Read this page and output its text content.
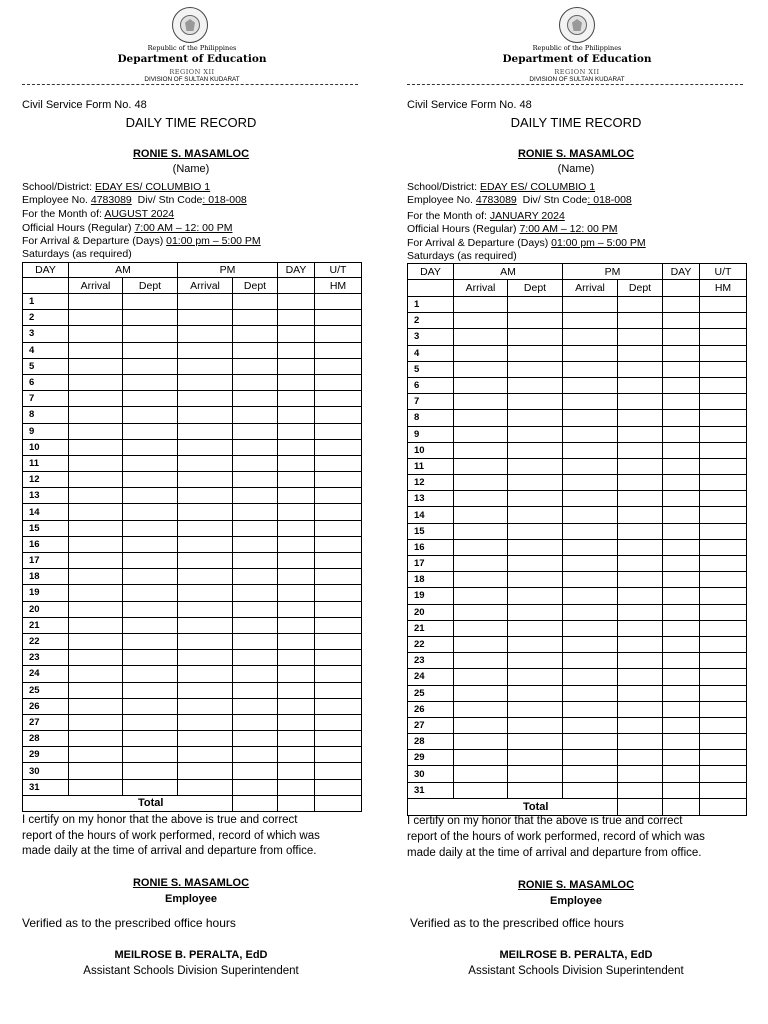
Republic of the Philippines
Department of Education
REGION XII
DIVISION OF SULTAN KUDARAT
Civil Service Form No. 48
DAILY TIME RECORD
RONIE S. MASAMLOC
(Name)
School/District: EDAY ES/ COLUMBIO 1
Employee No. 4783089 Div/ Stn Code: 018-008
For the Month of: AUGUST 2024
Official Hours (Regular) 7:00 AM – 12: 00 PM
For Arrival & Departure (Days) 01:00 pm – 5:00 PM
Saturdays (as required)
DAY	AM		PM		DAY	U/T
	Arrival	Dept	Arrival	Dept		HM
1						
2						
3						
4						
5						
6						
7						
8						
9						
10						
11						
12						
13						
14						
15						
16						
17						
18						
19						
20						
21						
22						
23						
24						
25						
26						
27						
28						
29						
30						
31						
Total						
I certify on my honor that the above is true and correct
report of the hours of work performed, record of which was
made daily at the time of arrival and departure from office.
RONIE S. MASAMLOC
Employee
Verified as to the prescribed office hours
MEILROSE B. PERALTA, EdD
Assistant Schools Division Superintendent
Republic of the Philippines
Department of Education
REGION XII
DIVISION OF SULTAN KUDARAT
Civil Service Form No. 48
DAILY TIME RECORD
RONIE S. MASAMLOC
(Name)
School/District: EDAY ES/ COLUMBIO 1
Employee No. 4783089 Div/ Stn Code: 018-008
For the Month of: JANUARY 2024
Official Hours (Regular) 7:00 AM – 12: 00 PM
For Arrival & Departure (Days) 01:00 pm – 5:00 PM
Saturdays (as required)
DAY	AM		PM		DAY	U/T
	Arrival	Dept	Arrival	Dept		HM
1						
2						
3						
4						
5						
6						
7						
8						
9						
10						
11						
12						
13						
14						
15						
16						
17						
18						
19						
20						
21						
22						
23						
24						
25						
26						
27						
28						
29						
30						
31						
Total						
I certify on my honor that the above is true and correct
report of the hours of work performed, record of which was
made daily at the time of arrival and departure from office.
RONIE S. MASAMLOC
Employee
Verified as to the prescribed office hours
MEILROSE B. PERALTA, EdD
Assistant Schools Division Superintendent
